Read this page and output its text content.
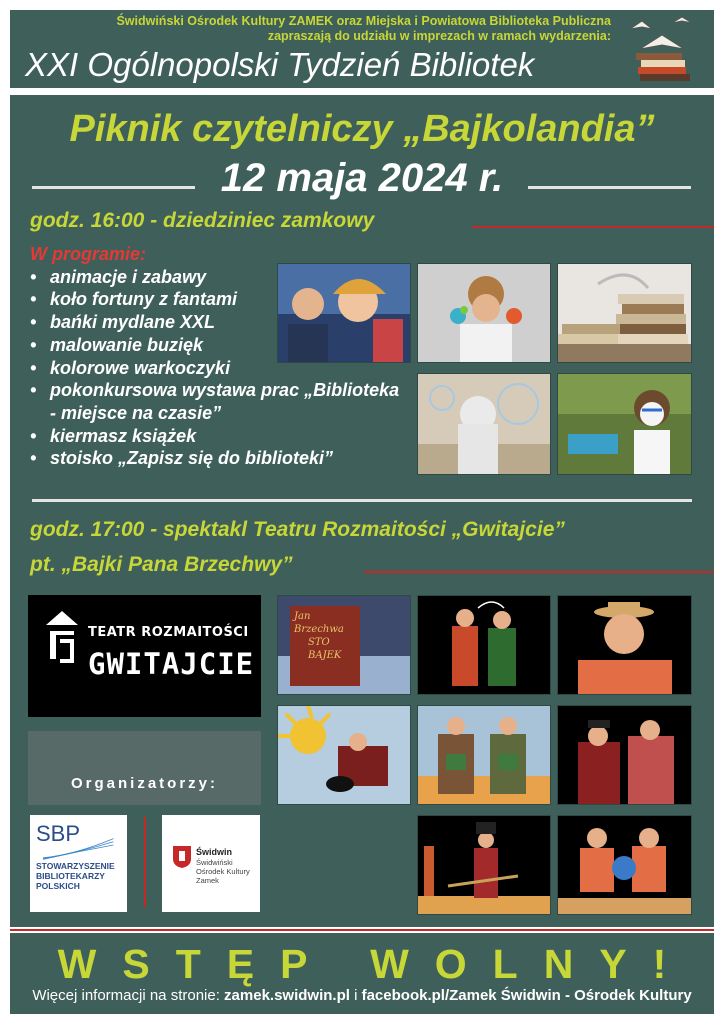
Świdwiński Ośrodek Kultury ZAMEK oraz Miejska i Powiatowa Biblioteka Publiczna
zapraszają do udziału w imprezach w ramach wydarzenia:
XXI Ogólnopolski Tydzień Bibliotek
Piknik czytelniczy „Bajkolandia”
12 maja 2024 r.
godz. 16:00 - dziedziniec zamkowy
W programie:
• animacje i zabawy
• koło fortuny z fantami
• bańki mydlane XXL
• malowanie buzięk
• kolorowe warkoczyki
• pokonkursowa wystawa prac „Biblioteka - miejsce na czasie”
• kiermasz książek
• stoisko „Zapisz się do biblioteki”
godz. 17:00 - spektakl Teatru Rozmaitości „Gwitajcie”
pt. „Bajki Pana Brzechwy”
TEATR ROZMAITOŚCI
GWITAJCIE
Jan
Brzechwa
STO
BAJEK
Organizatorzy:
SBP
STOWARZYSZENIE
BIBLIOTEKARZY
POLSKICH
Świdwin
Świdwiński
Ośrodek Kultury
Zamek
WSTĘP WOLNY!
Więcej informacji na stronie: zamek.swidwin.pl i facebook.pl/Zamek Świdwin - Ośrodek Kultury
